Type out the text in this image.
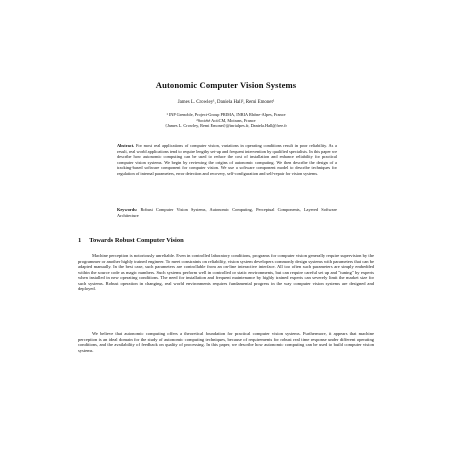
Autonomic Computer Vision Systems
James L. Crowley¹, Daniela Hall², Remi Emonet¹
¹ INP Grenoble, Project-Group PRIMA, INRIA Rhône-Alpes, France
²Société ActiCM, Moirans, France
{James L. Crowley, Remi Emonet}@inrialpes.fr, Daniela.Hall@free.fr
Abstract. For most real applications of computer vision, variations in operating conditions result in poor reliability. As a result, real world applications tend to require lengthy set-up and frequent intervention by qualified specialists. In this paper we describe how autonomic computing can be used to reduce the cost of installation and enhance reliability for practical computer vision systems. We begin by reviewing the origins of autonomic computing. We then describe the design of a tracking-based software component for computer vision. We use a software component model to describe techniques for regulation of internal parameters, error detection and recovery, self-configuration and self-repair for vision systems.
Keywords: Robust Computer Vision Systems, Autonomic Computing, Perceptual Components, Layered Software Architecture
1 Towards Robust Computer Vision
Machine perception is notoriously unreliable. Even in controlled laboratory conditions, programs for computer vision generally require supervision by the programmer or another highly trained engineer. To meet constraints on reliability, vision system developers commonly design systems with parameters that can be adapted manually. In the best case, such parameters are controllable from an on-line interactive interface. All too often such parameters are simply embedded within the source code as magic numbers. Such systems perform well in controlled or static environments, but can require careful set up and "tuning" by experts when installed in new operating conditions. The need for installation and frequent maintenance by highly trained experts can severely limit the market size for such systems. Robust operation in changing, real world environments requires fundamental progress in the way computer vision systems are designed and deployed.
We believe that autonomic computing offers a theoretical foundation for practical computer vision systems. Furthermore, it appears that machine perception is an ideal domain for the study of autonomic computing techniques, because of requirements for robust real time response under different operating conditions, and the availability of feedback on quality of processing. In this paper, we describe how autonomic computing can be used to build computer vision systems.
